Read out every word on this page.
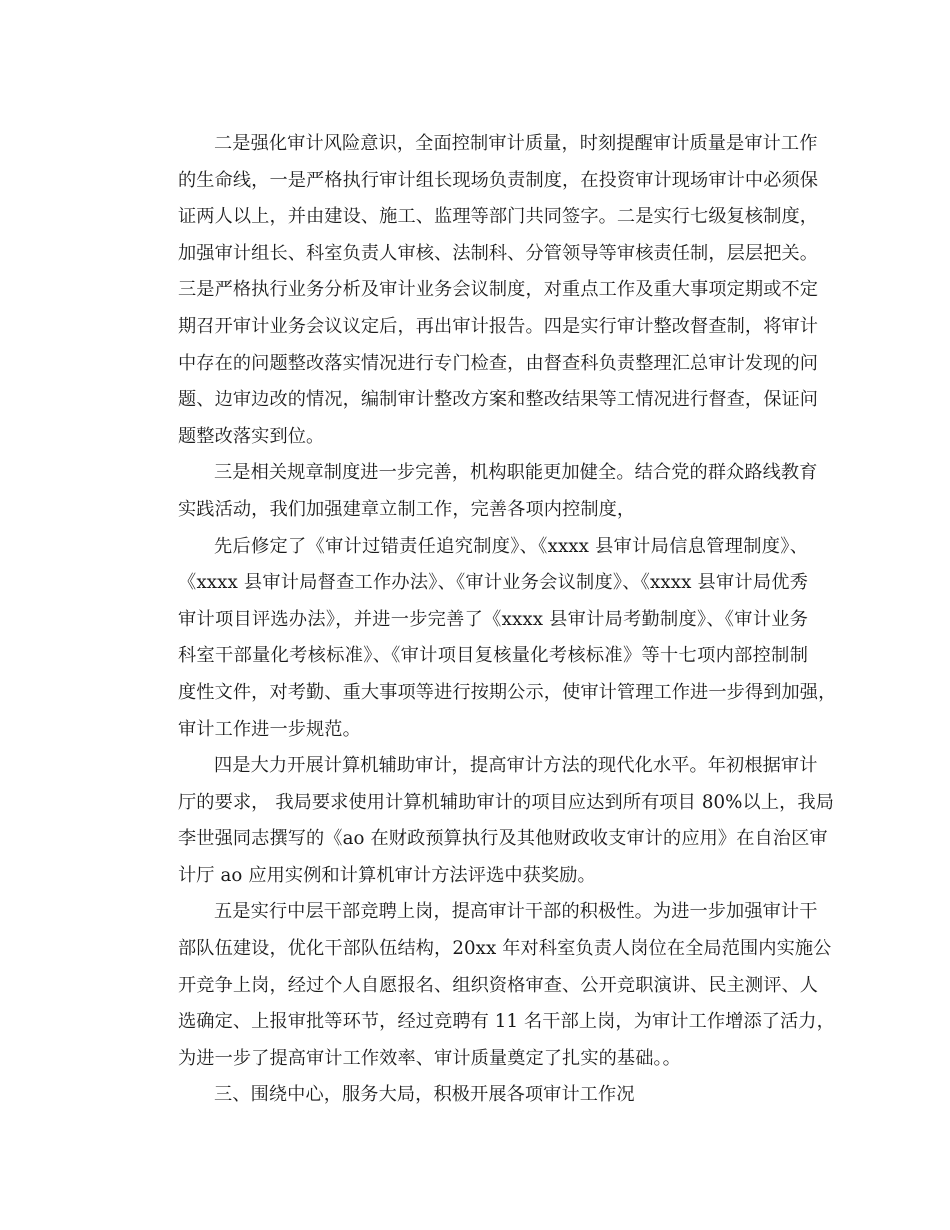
二是强化审计风险意识，全面控制审计质量，时刻提醒审计质量是审计工作
的生命线，一是严格执行审计组长现场负责制度，在投资审计现场审计中必须保
证两人以上，并由建设、施工、监理等部门共同签字。二是实行七级复核制度，
加强审计组长、科室负责人审核、法制科、分管领导等审核责任制，层层把关。
三是严格执行业务分析及审计业务会议制度，对重点工作及重大事项定期或不定
期召开审计业务会议议定后，再出审计报告。四是实行审计整改督查制，将审计
中存在的问题整改落实情况进行专门检查，由督查科负责整理汇总审计发现的问
题、边审边改的情况，编制审计整改方案和整改结果等工情况进行督查，保证问
题整改落实到位。
三是相关规章制度进一步完善，机构职能更加健全。结合党的群众路线教育
实践活动，我们加强建章立制工作，完善各项内控制度，
先后修定了《审计过错责任追究制度》、《xxxx 县审计局信息管理制度》、
《xxxx 县审计局督查工作办法》、《审计业务会议制度》、《xxxx 县审计局优秀
审计项目评选办法》，并进一步完善了《xxxx 县审计局考勤制度》、《审计业务
科室干部量化考核标准》、《审计项目复核量化考核标准》等十七项内部控制制
度性文件，对考勤、重大事项等进行按期公示，使审计管理工作进一步得到加强，
审计工作进一步规范。
四是大力开展计算机辅助审计，提高审计方法的现代化水平。年初根据审计
厅的要求， 我局要求使用计算机辅助审计的项目应达到所有项目 80%以上，我局
李世强同志撰写的《ao 在财政预算执行及其他财政收支审计的应用》在自治区审
计厅 ao 应用实例和计算机审计方法评选中获奖励。
五是实行中层干部竞聘上岗，提高审计干部的积极性。为进一步加强审计干
部队伍建设，优化干部队伍结构，20xx 年对科室负责人岗位在全局范围内实施公
开竞争上岗，经过个人自愿报名、组织资格审查、公开竞职演讲、民主测评、人
选确定、上报审批等环节，经过竞聘有 11 名干部上岗，为审计工作增添了活力，
为进一步了提高审计工作效率、审计质量奠定了扎实的基础。。
三、围绕中心，服务大局，积极开展各项审计工作况
